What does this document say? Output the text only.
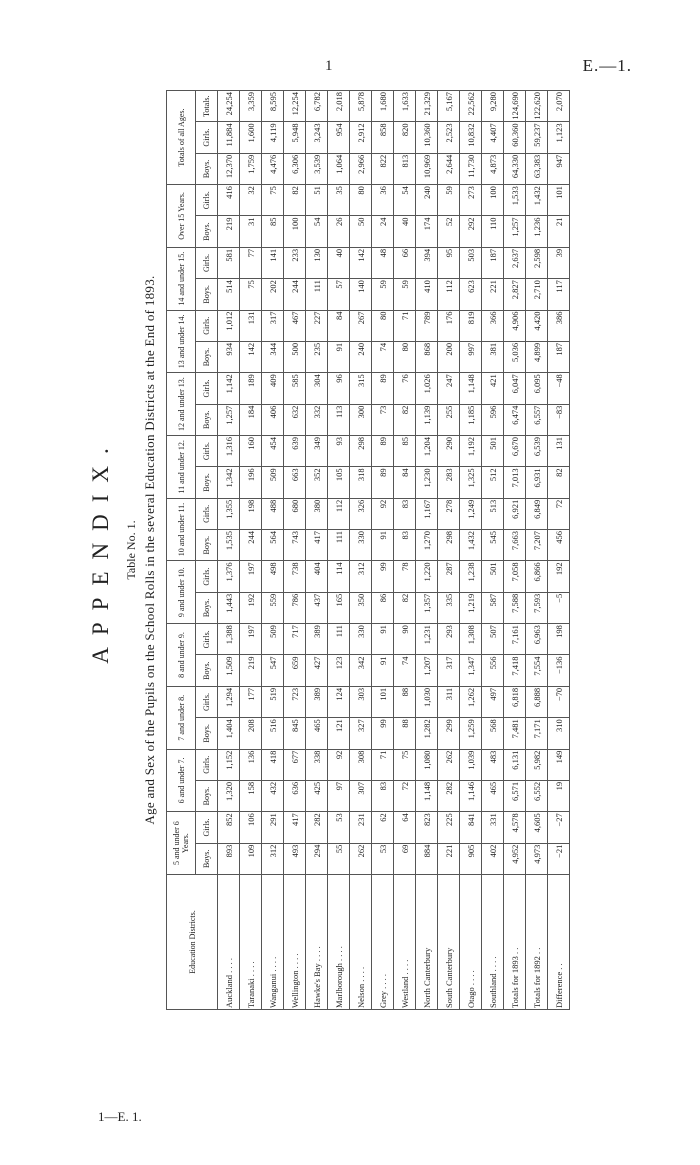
1	E.—1.
1—E. 1.
APPENDIX. Table No. 1. Age and Sex of the Pupils on the School Rolls in the several Education Districts at the End of 1893.
Education Districts.	5 and under 6 Years.		6 and under 7.		7 and under 8.		8 and under 9.		9 and under 10.		10 and under 11.		11 and under 12.		12 and under 13.		13 and under 14.		14 and under 15.		Over 15 Years.		Totals of all Ages.		
	Boys.	Girls.	Boys.	Girls.	Boys.	Girls.	Boys.	Girls.	Boys.	Girls.	Boys.	Girls.	Boys.	Girls.	Boys.	Girls.	Boys.	Girls.	Boys.	Girls.	Boys.	Girls.	Boys.	Girls.	Totals.
Auckland . . . .	893	852	1,320	1,152	1,404	1,294	1,509	1,388	1,443	1,376	1,535	1,355	1,342	1,316	1,257	1,142	934	1,012	514	581	219	416	12,370	11,884	24,254
Taranaki . . . .	109	106	158	136	208	177	219	197	192	197	244	198	196	160	184	189	142	131	75	77	31	32	1,759	1,600	3,359
Wanganui . . . .	312	291	432	418	516	519	547	509	559	498	564	488	509	454	406	409	344	317	202	141	85	75	4,476	4,119	8,595
Wellington . . . .	493	417	636	677	845	723	659	717	786	738	743	680	663	639	632	585	500	467	244	233	100	82	6,306	5,948	12,254
Hawke's Bay . . . .	294	282	425	338	465	389	427	389	437	404	417	380	352	349	332	304	235	227	111	130	54	51	3,539	3,243	6,782
Marlborough . . . .	55	53	97	92	121	124	123	111	165	114	111	112	105	93	113	96	91	84	57	40	26	35	1,064	954	2,018
Nelson . . . .	262	231	307	308	327	303	342	330	350	312	330	326	318	298	300	315	240	267	140	142	50	80	2,966	2,912	5,878
Grey . . . .	53	62	83	71	99	101	91	91	86	99	91	92	89	89	73	89	74	80	59	48	24	36	822	858	1,680
Westland . . . .	69	64	72	75	88	88	74	90	82	78	83	83	84	85	82	76	80	71	59	66	40	54	813	820	1,633
North Canterbury	884	823	1,148	1,080	1,282	1,030	1,207	1,231	1,357	1,220	1,270	1,167	1,230	1,204	1,139	1,026	868	789	410	394	174	240	10,969	10,360	21,329
South Canterbury	221	225	282	262	299	311	317	293	335	287	298	278	283	290	255	247	200	176	112	95	52	59	2,644	2,523	5,167
Otago . . . .	905	841	1,146	1,039	1,259	1,262	1,347	1,308	1,219	1,238	1,432	1,249	1,325	1,192	1,185	1,148	997	819	623	503	292	273	11,730	10,832	22,562
Southland . . . .	402	331	465	483	568	497	556	507	587	501	545	513	512	501	596	421	381	366	221	187	110	100	4,873	4,407	9,280
Totals for 1893 . .	4,952	4,578	6,571	6,131	7,481	6,818	7,418	7,161	7,588	7,058	7,663	6,921	7,013	6,670	6,474	6,047	5,036	4,906	2,827	2,637	1,257	1,533	64,330	60,360	124,690
Totals for 1892 . .	4,973	4,605	6,552	5,982	7,171	6,888	7,554	6,963	7,593	6,866	7,207	6,849	6,931	6,539	6,557	6,095	4,899	4,420	2,710	2,598	1,236	1,432	63,383	59,237	122,620
Difference . .	−21	−27	19	149	310	−70	−136	198	−5	192	456	72	82	131	−83	−48	187	386	117	39	21	101	947	1,123	2,070
